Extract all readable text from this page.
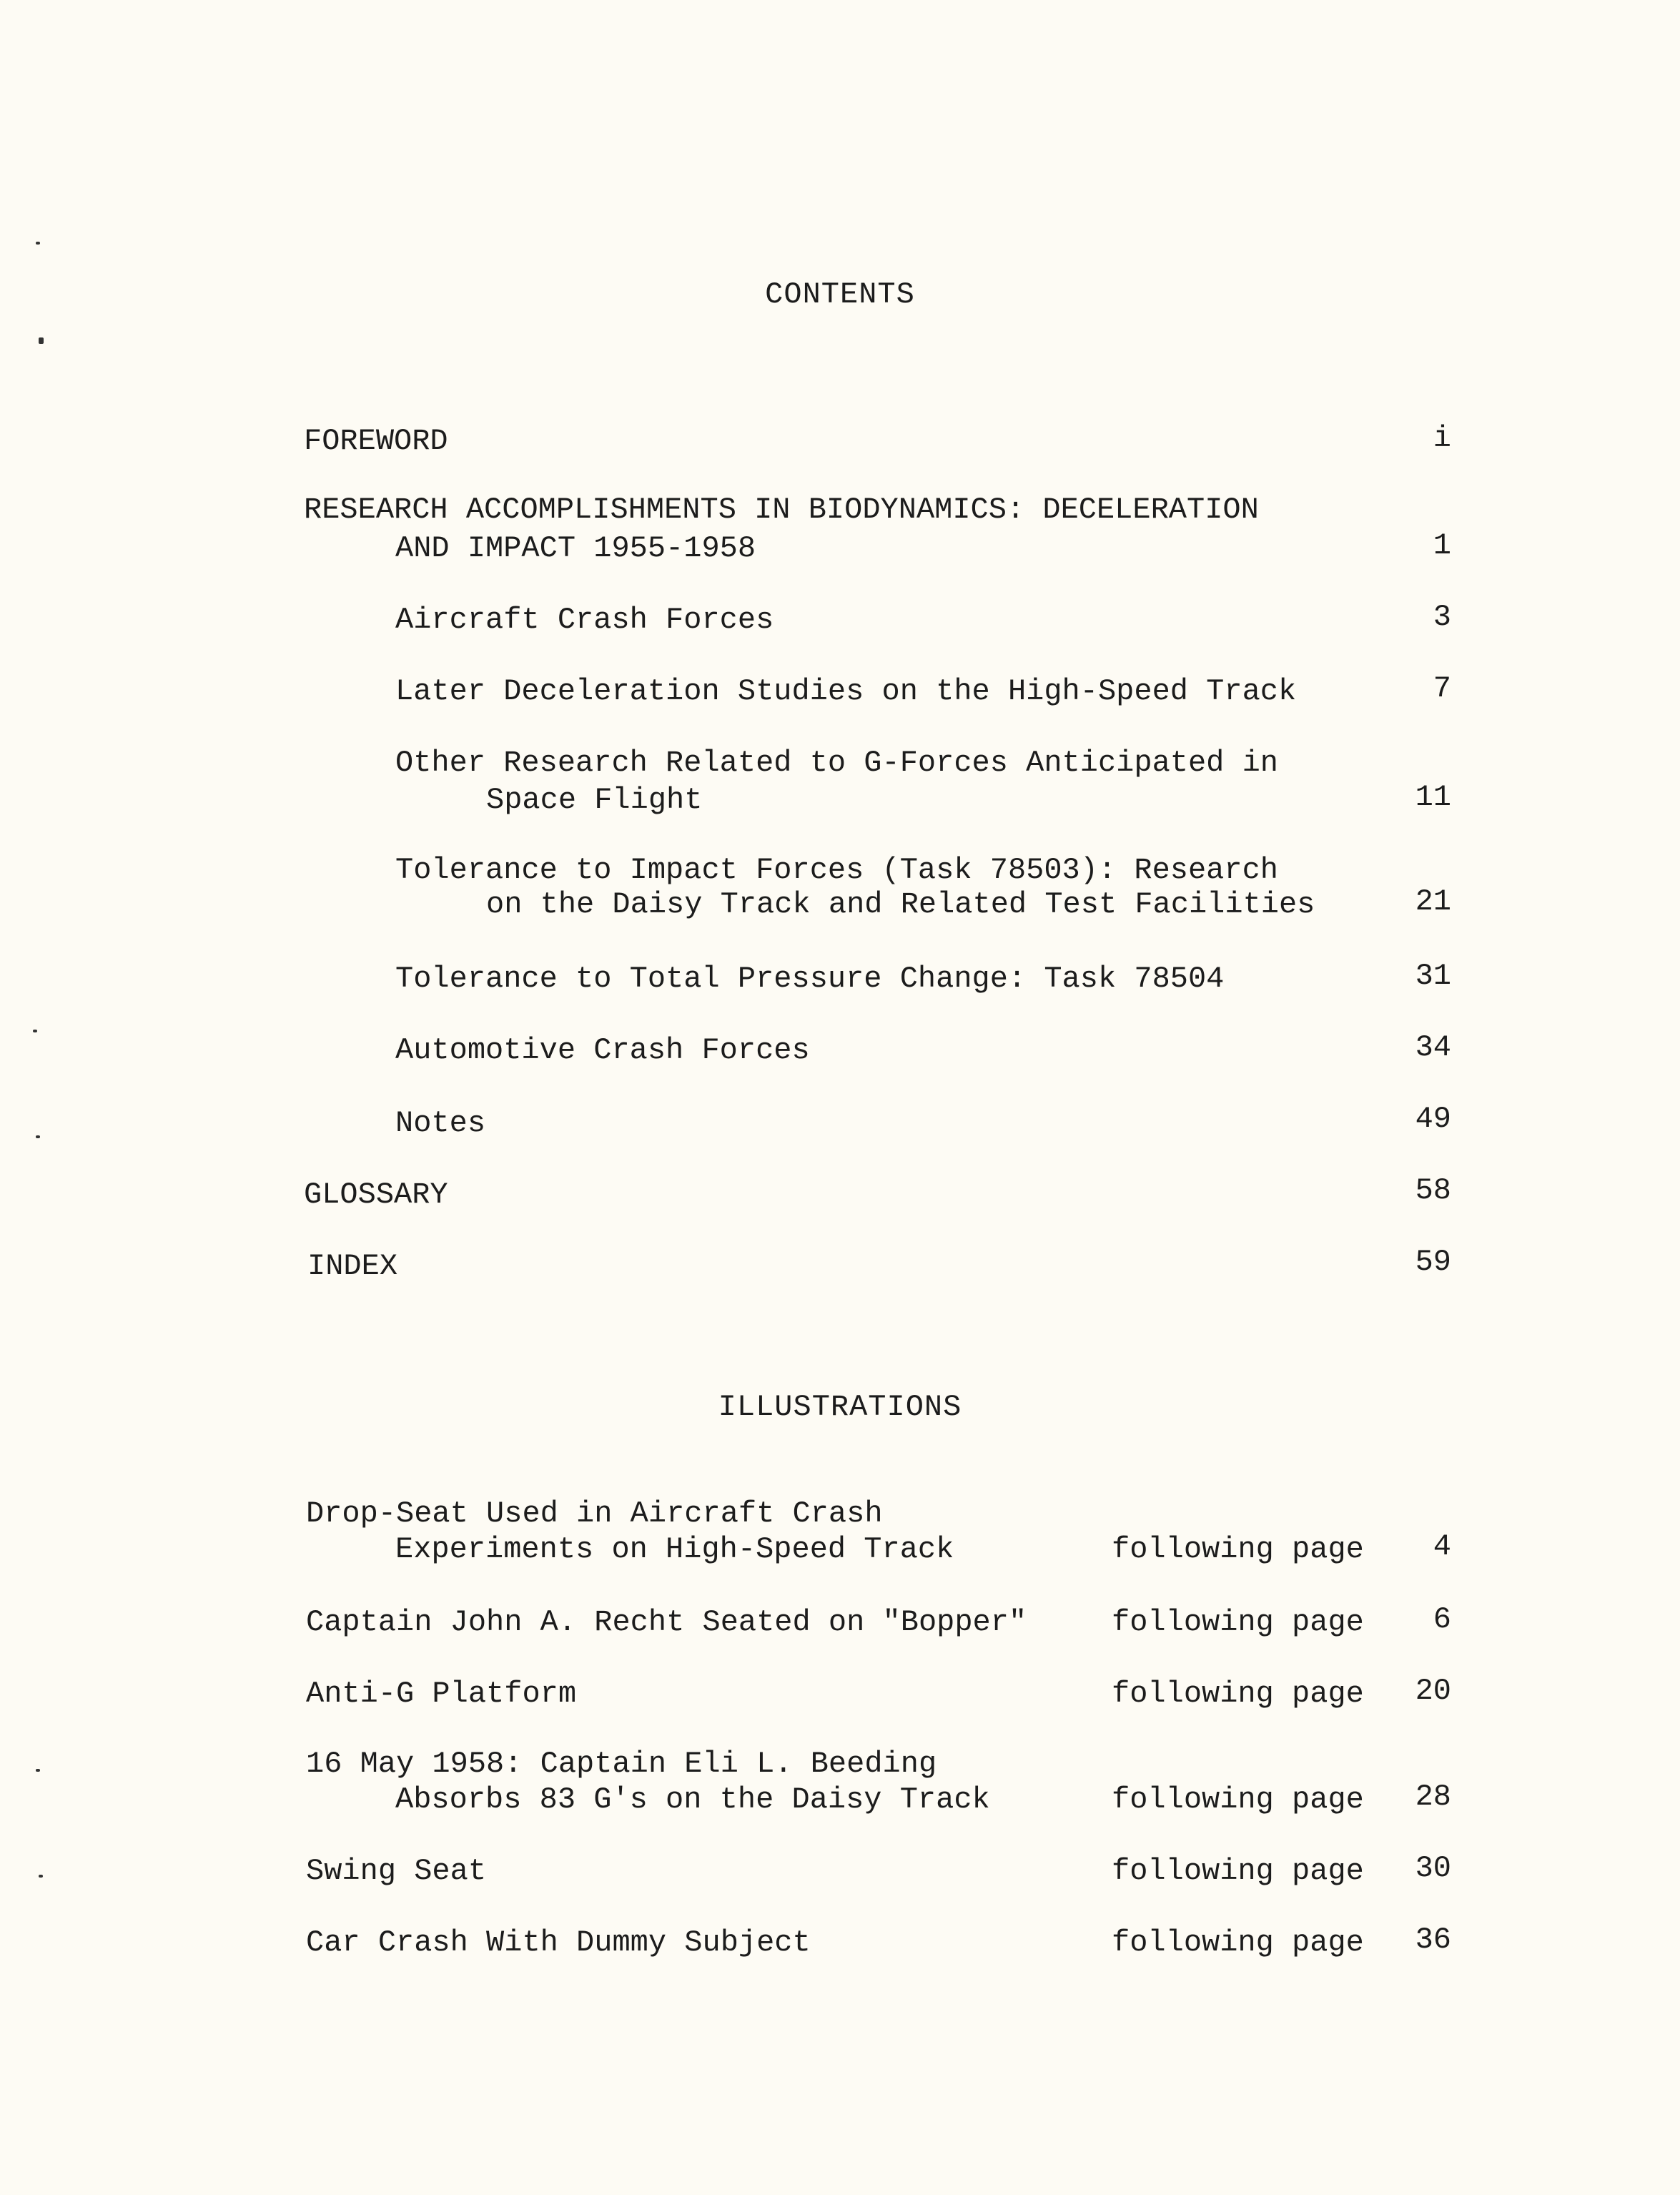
CONTENTS
FOREWORD	i
RESEARCH ACCOMPLISHMENTS IN BIODYNAMICS: DECELERATION
AND IMPACT 1955-1958	1
Aircraft Crash Forces	3
Later Deceleration Studies on the High-Speed Track	7
Other Research Related to G-Forces Anticipated in
Space Flight	11
Tolerance to Impact Forces (Task 78503): Research
on the Daisy Track and Related Test Facilities	21
Tolerance to Total Pressure Change: Task 78504	31
Automotive Crash Forces	34
Notes	49
GLOSSARY	58
INDEX	59
ILLUSTRATIONS
Drop-Seat Used in Aircraft Crash
Experiments on High-Speed Track	following page	4
Captain John A. Recht Seated on "Bopper"	following page	6
Anti-G Platform	following page	20
16 May 1958: Captain Eli L. Beeding
Absorbs 83 G's on the Daisy Track	following page	28
Swing Seat	following page	30
Car Crash With Dummy Subject	following page	36
